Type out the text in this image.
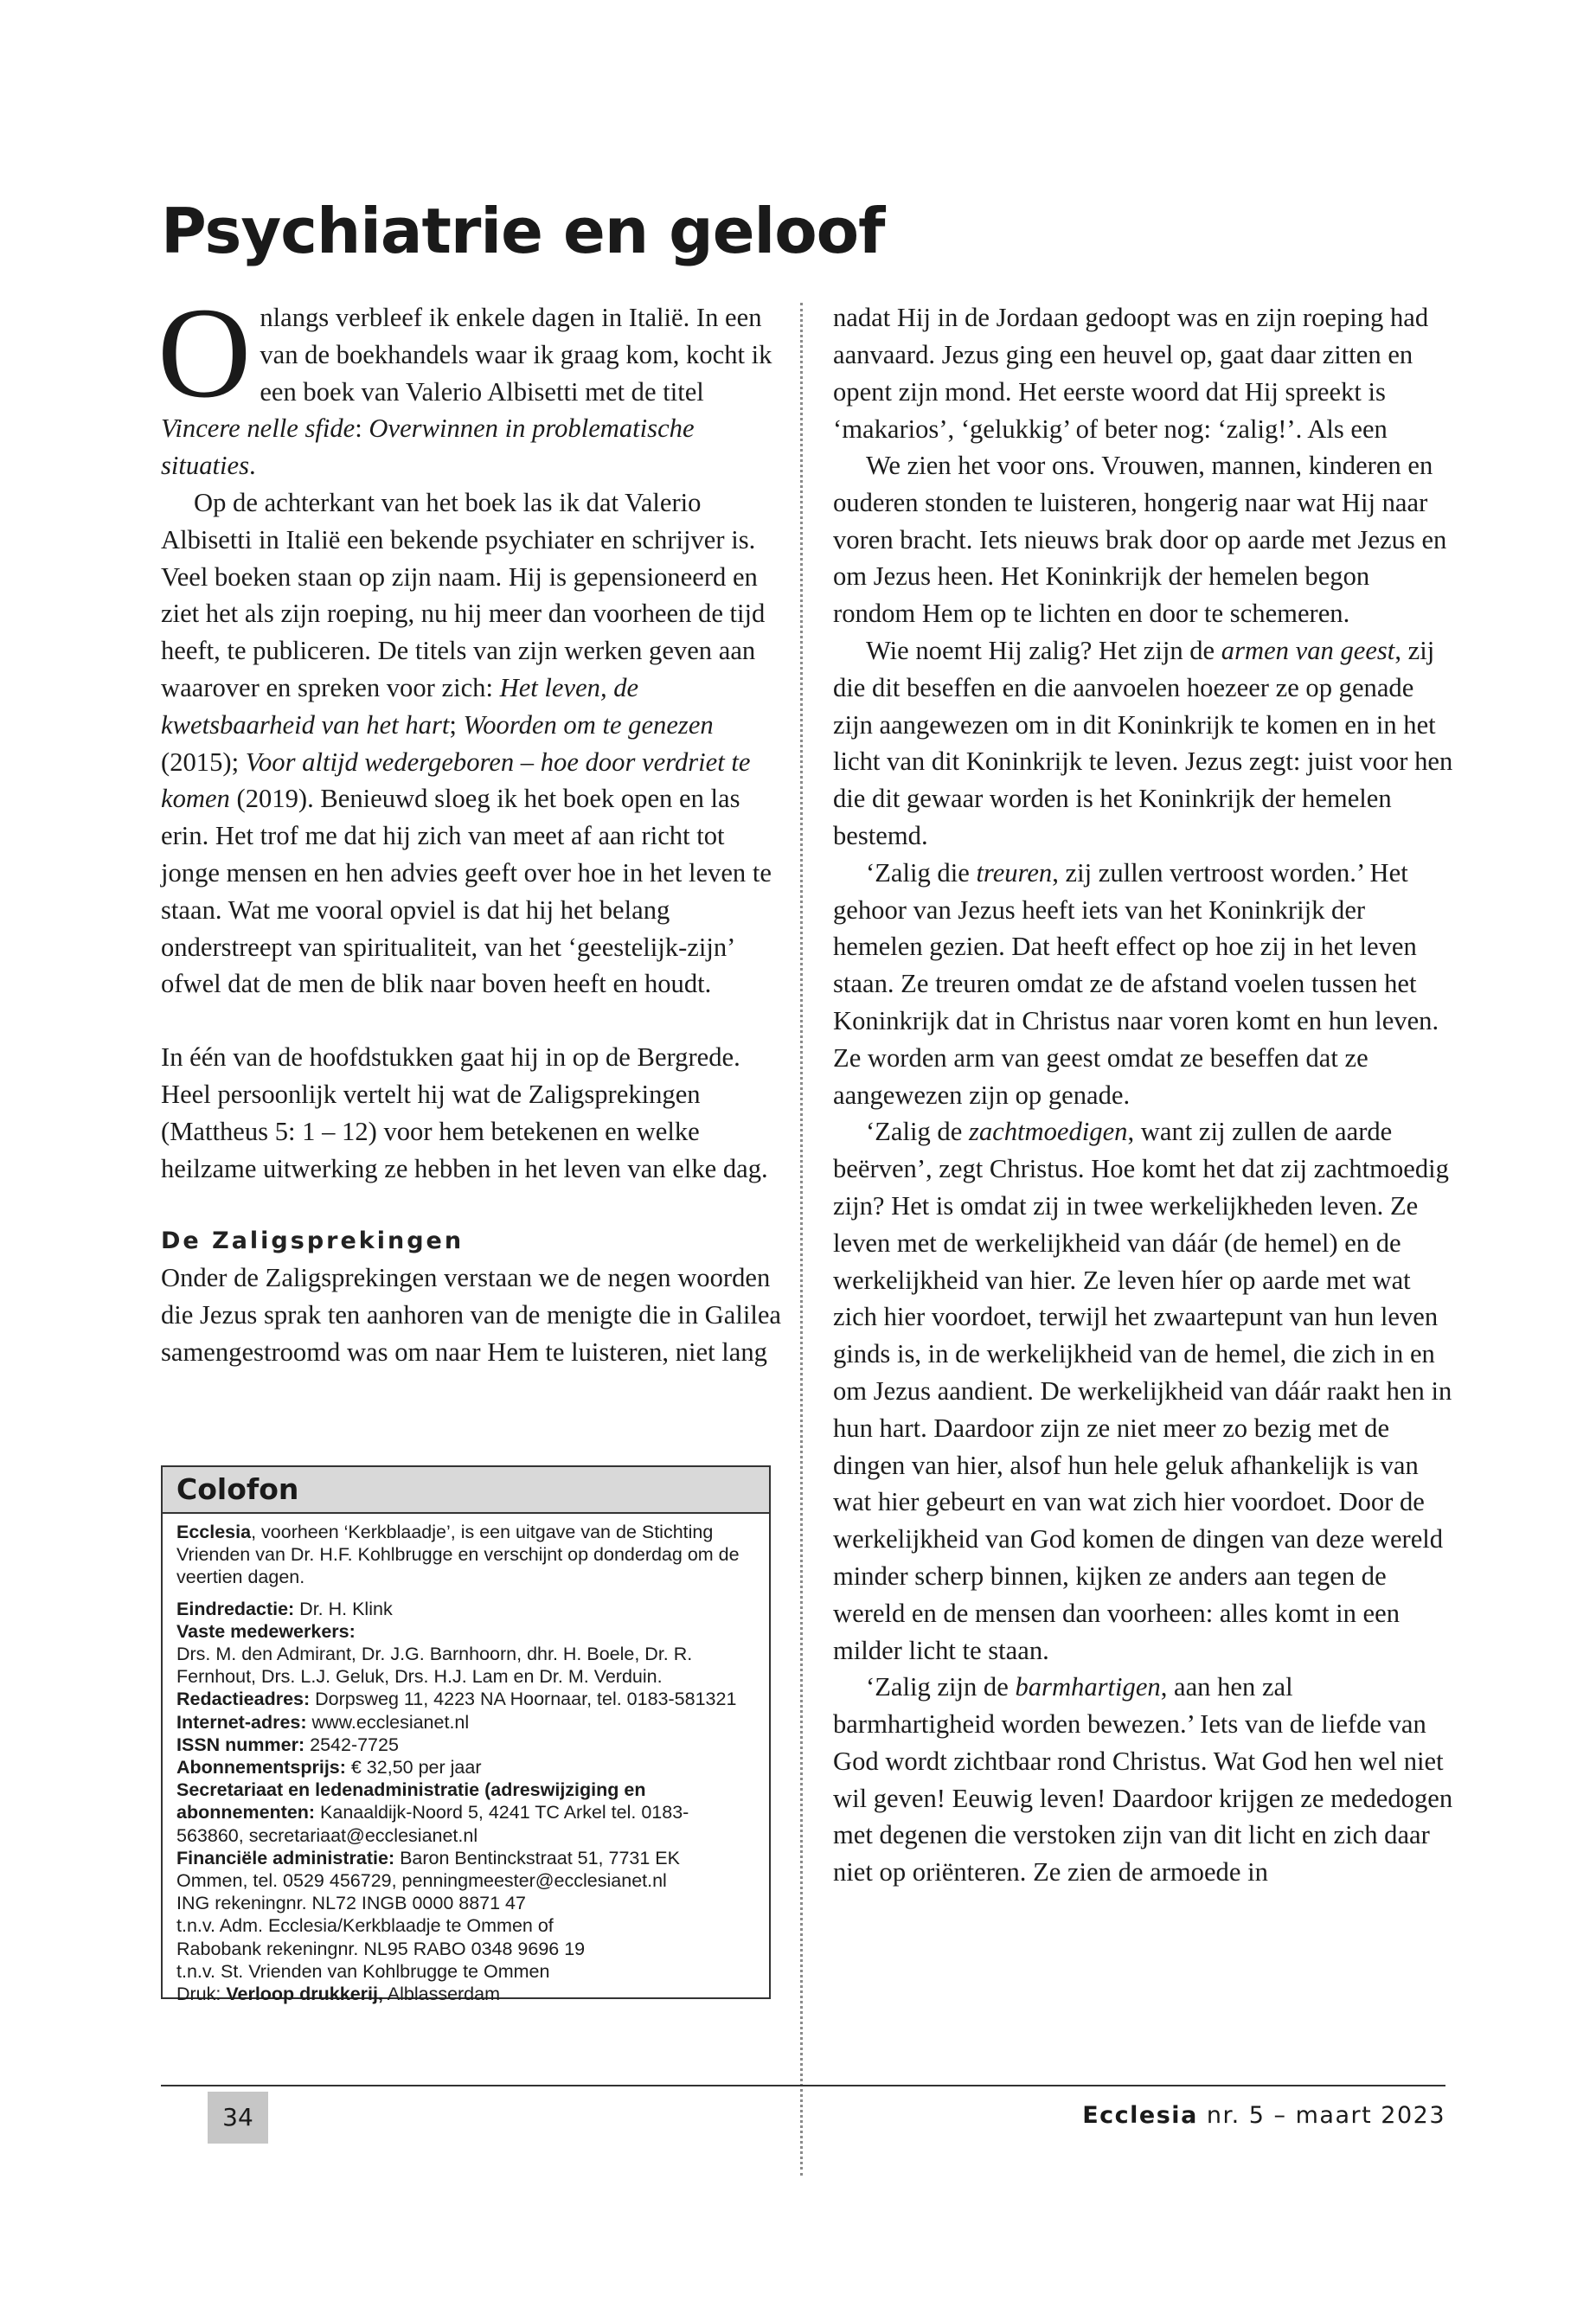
Psychiatrie en geloof

Onlangs verbleef ik enkele dagen in Italië. In een van de boekhandels waar ik graag kom, kocht ik een boek van Valerio Albisetti met de titel Vincere nelle sfide: Overwinnen in problematische situaties.

Op de achterkant van het boek las ik dat Valerio Albisetti in Italië een bekende psychiater en schrijver is. Veel boeken staan op zijn naam. Hij is gepensioneerd en ziet het als zijn roeping, nu hij meer dan voorheen de tijd heeft, te publiceren. De titels van zijn werken geven aan waarover en spreken voor zich: Het leven, de kwetsbaarheid van het hart; Woorden om te genezen (2015); Voor altijd wedergeboren – hoe door verdriet te komen (2019). Benieuwd sloeg ik het boek open en las erin. Het trof me dat hij zich van meet af aan richt tot jonge mensen en hen advies geeft over hoe in het leven te staan. Wat me vooral opviel is dat hij het belang onderstreept van spiritualiteit, van het ‘geestelijk-zijn’ ofwel dat de men de blik naar boven heeft en houdt.

In één van de hoofdstukken gaat hij in op de Bergrede. Heel persoonlijk vertelt hij wat de Zaligsprekingen (Mattheus 5: 1 – 12) voor hem betekenen en welke heilzame uitwerking ze hebben in het leven van elke dag.

De Zaligsprekingen

Onder de Zaligsprekingen verstaan we de negen woorden die Jezus sprak ten aanhoren van de menigte die in Galilea samengestroomd was om naar Hem te luisteren, niet lang

nadat Hij in de Jordaan gedoopt was en zijn roeping had aanvaard. Jezus ging een heuvel op, gaat daar zitten en opent zijn mond. Het eerste woord dat Hij spreekt is ‘makarios’, ‘gelukkig’ of beter nog: ‘zalig!’. Als een

We zien het voor ons. Vrouwen, mannen, kinderen en ouderen stonden te luisteren, hongerig naar wat Hij naar voren bracht. Iets nieuws brak door op aarde met Jezus en om Jezus heen. Het Koninkrijk der hemelen begon rondom Hem op te lichten en door te schemeren.

Wie noemt Hij zalig? Het zijn de armen van geest, zij die dit beseffen en die aanvoelen hoezeer ze op genade zijn aangewezen om in dit Koninkrijk te komen en in het licht van dit Koninkrijk te leven. Jezus zegt: juist voor hen die dit gewaar worden is het Koninkrijk der hemelen bestemd.

‘Zalig die treuren, zij zullen vertroost worden.’ Het gehoor van Jezus heeft iets van het Koninkrijk der hemelen gezien. Dat heeft effect op hoe zij in het leven staan. Ze treuren omdat ze de afstand voelen tussen het Koninkrijk dat in Christus naar voren komt en hun leven. Ze worden arm van geest omdat ze beseffen dat ze aangewezen zijn op genade.

‘Zalig de zachtmoedigen, want zij zullen de aarde beërven’, zegt Christus. Hoe komt het dat zij zachtmoedig zijn? Het is omdat zij in twee werkelijkheden leven. Ze leven met de werkelijkheid van dáár (de hemel) en de werkelijkheid van hier. Ze leven híer op aarde met wat zich hier voordoet, terwijl het zwaartepunt van hun leven ginds is, in de werkelijkheid van de hemel, die zich in en om Jezus aandient. De werkelijkheid van dáár raakt hen in hun hart. Daardoor zijn ze niet meer zo bezig met de dingen van hier, alsof hun hele geluk afhankelijk is van wat hier gebeurt en van wat zich hier voordoet. Door de werkelijkheid van God komen de dingen van deze wereld minder scherp binnen, kijken ze anders aan tegen de wereld en de mensen dan voorheen: alles komt in een milder licht te staan.

‘Zalig zijn de barmhartigen, aan hen zal barmhartigheid worden bewezen.’ Iets van de liefde van God wordt zichtbaar rond Christus. Wat God hen wel niet wil geven! Eeuwig leven! Daardoor krijgen ze mededogen met degenen die verstoken zijn van dit licht en zich daar niet op oriënteren. Ze zien de armoede in

Colofon

Ecclesia, voorheen ‘Kerkblaadje’, is een uitgave van de Stichting Vrienden van Dr. H.F. Kohlbrugge en verschijnt op donderdag om de veertien dagen.

Eindredactie: Dr. H. Klink

Vaste medewerkers:

Drs. M. den Admirant, Dr. J.G. Barnhoorn, dhr. H. Boele, Dr. R. Fernhout, Drs. L.J. Geluk, Drs. H.J. Lam en Dr. M. Verduin.

Redactieadres: Dorpsweg 11, 4223 NA Hoornaar, tel. 0183-581321

Internet-adres: www.ecclesianet.nl

ISSN nummer: 2542-7725

Abonnementsprijs: € 32,50 per jaar

Secretariaat en ledenadministratie (adreswijziging en abonnementen: Kanaaldijk-Noord 5, 4241 TC Arkel tel. 0183-563860, secretariaat@ecclesianet.nl

Financiële administratie: Baron Bentinckstraat 51, 7731 EK Ommen, tel. 0529 456729, penningmeester@ecclesianet.nl

ING rekeningnr. NL72 INGB 0000 8871 47

t.n.v. Adm. Ecclesia/Kerkblaadje te Ommen of

Rabobank rekeningnr. NL95 RABO 0348 9696 19

t.n.v. St. Vrienden van Kohlbrugge te Ommen

Druk: Verloop drukkerij, Alblasserdam

34	Ecclesia nr. 5 – maart 2023
